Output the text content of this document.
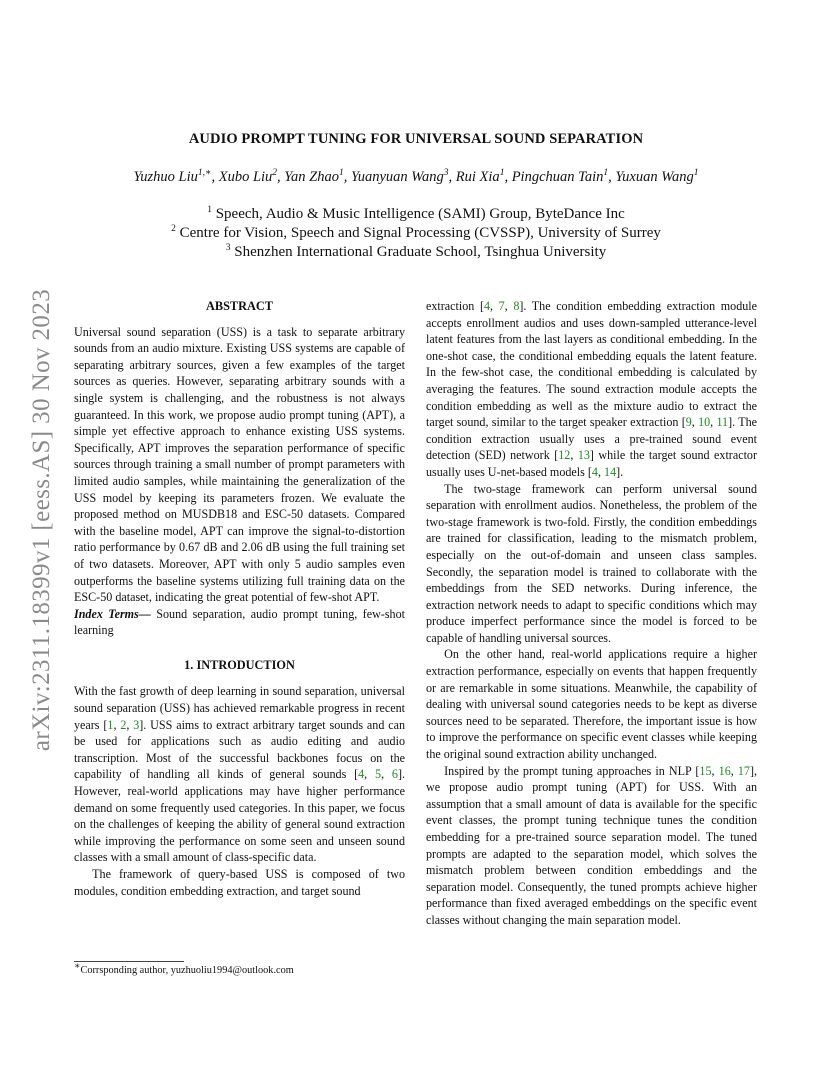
arXiv:2311.18399v1 [eess.AS] 30 Nov 2023
AUDIO PROMPT TUNING FOR UNIVERSAL SOUND SEPARATION
Yuzhuo Liu$^{1,∗}$, Xubo Liu$^2$, Yan Zhao$^1$, Yuanyuan Wang$^3$, Rui Xia$^1$, Pingchuan Tain$^1$, Yuxuan Wang$^1$
$^1$ Speech, Audio & Music Intelligence (SAMI) Group, ByteDance Inc
$^2$ Centre for Vision, Speech and Signal Processing (CVSSP), University of Surrey
$^3$ Shenzhen International Graduate School, Tsinghua University
ABSTRACT

Universal sound separation (USS) is a task to separate arbitrary sounds from an audio mixture. Existing USS systems are capable of separating arbitrary sources, given a few examples of the target sources as queries. However, separating arbitrary sounds with a single system is challenging, and the robustness is not always guaranteed. In this work, we propose audio prompt tuning (APT), a simple yet effective approach to enhance existing USS systems. Specifically, APT improves the separation performance of specific sources through training a small number of prompt parameters with limited audio samples, while maintaining the generalization of the USS model by keeping its parameters frozen. We evaluate the proposed method on MUSDB18 and ESC-50 datasets. Compared with the baseline model, APT can improve the signal-to-distortion ratio performance by 0.67 dB and 2.06 dB using the full training set of two datasets. Moreover, APT with only 5 audio samples even outperforms the baseline systems utilizing full training data on the ESC-50 dataset, indicating the great potential of few-shot APT.

Index Terms— Sound separation, audio prompt tuning, few-shot learning

1. INTRODUCTION

With the fast growth of deep learning in sound separation, universal sound separation (USS) has achieved remarkable progress in recent years [1, 2, 3]. USS aims to extract arbitrary target sounds and can be used for applications such as audio editing and audio transcription. Most of the successful backbones focus on the capability of handling all kinds of general sounds [4, 5, 6]. However, real-world applications may have higher performance demand on some frequently used categories. In this paper, we focus on the challenges of keeping the ability of general sound extraction while improving the performance on some seen and unseen sound classes with a small amount of class-specific data.

The framework of query-based USS is composed of two modules, condition embedding extraction, and target sound

extraction [4, 7, 8]. The condition embedding extraction module accepts enrollment audios and uses down-sampled utterance-level latent features from the last layers as conditional embedding. In the one-shot case, the conditional embedding equals the latent feature. In the few-shot case, the conditional embedding is calculated by averaging the features. The sound extraction module accepts the condition embedding as well as the mixture audio to extract the target sound, similar to the target speaker extraction [9, 10, 11]. The condition extraction usually uses a pre-trained sound event detection (SED) network [12, 13] while the target sound extractor usually uses U-net-based models [4, 14].

The two-stage framework can perform universal sound separation with enrollment audios. Nonetheless, the problem of the two-stage framework is two-fold. Firstly, the condition embeddings are trained for classification, leading to the mismatch problem, especially on the out-of-domain and unseen class samples. Secondly, the separation model is trained to collaborate with the embeddings from the SED networks. During inference, the extraction network needs to adapt to specific conditions which may produce imperfect performance since the model is forced to be capable of handling universal sources.

On the other hand, real-world applications require a higher extraction performance, especially on events that happen frequently or are remarkable in some situations. Meanwhile, the capability of dealing with universal sound categories needs to be kept as diverse sources need to be separated. Therefore, the important issue is how to improve the performance on specific event classes while keeping the original sound extraction ability unchanged.

Inspired by the prompt tuning approaches in NLP [15, 16, 17], we propose audio prompt tuning (APT) for USS. With an assumption that a small amount of data is available for the specific event classes, the prompt tuning technique tunes the condition embedding for a pre-trained source separation model. The tuned prompts are adapted to the separation model, which solves the mismatch problem between condition embeddings and the separation model. Consequently, the tuned prompts achieve higher performance than fixed averaged embeddings on the specific event classes without changing the main separation model.

∗Corrsponding author, yuzhuoliu1994@outlook.com
